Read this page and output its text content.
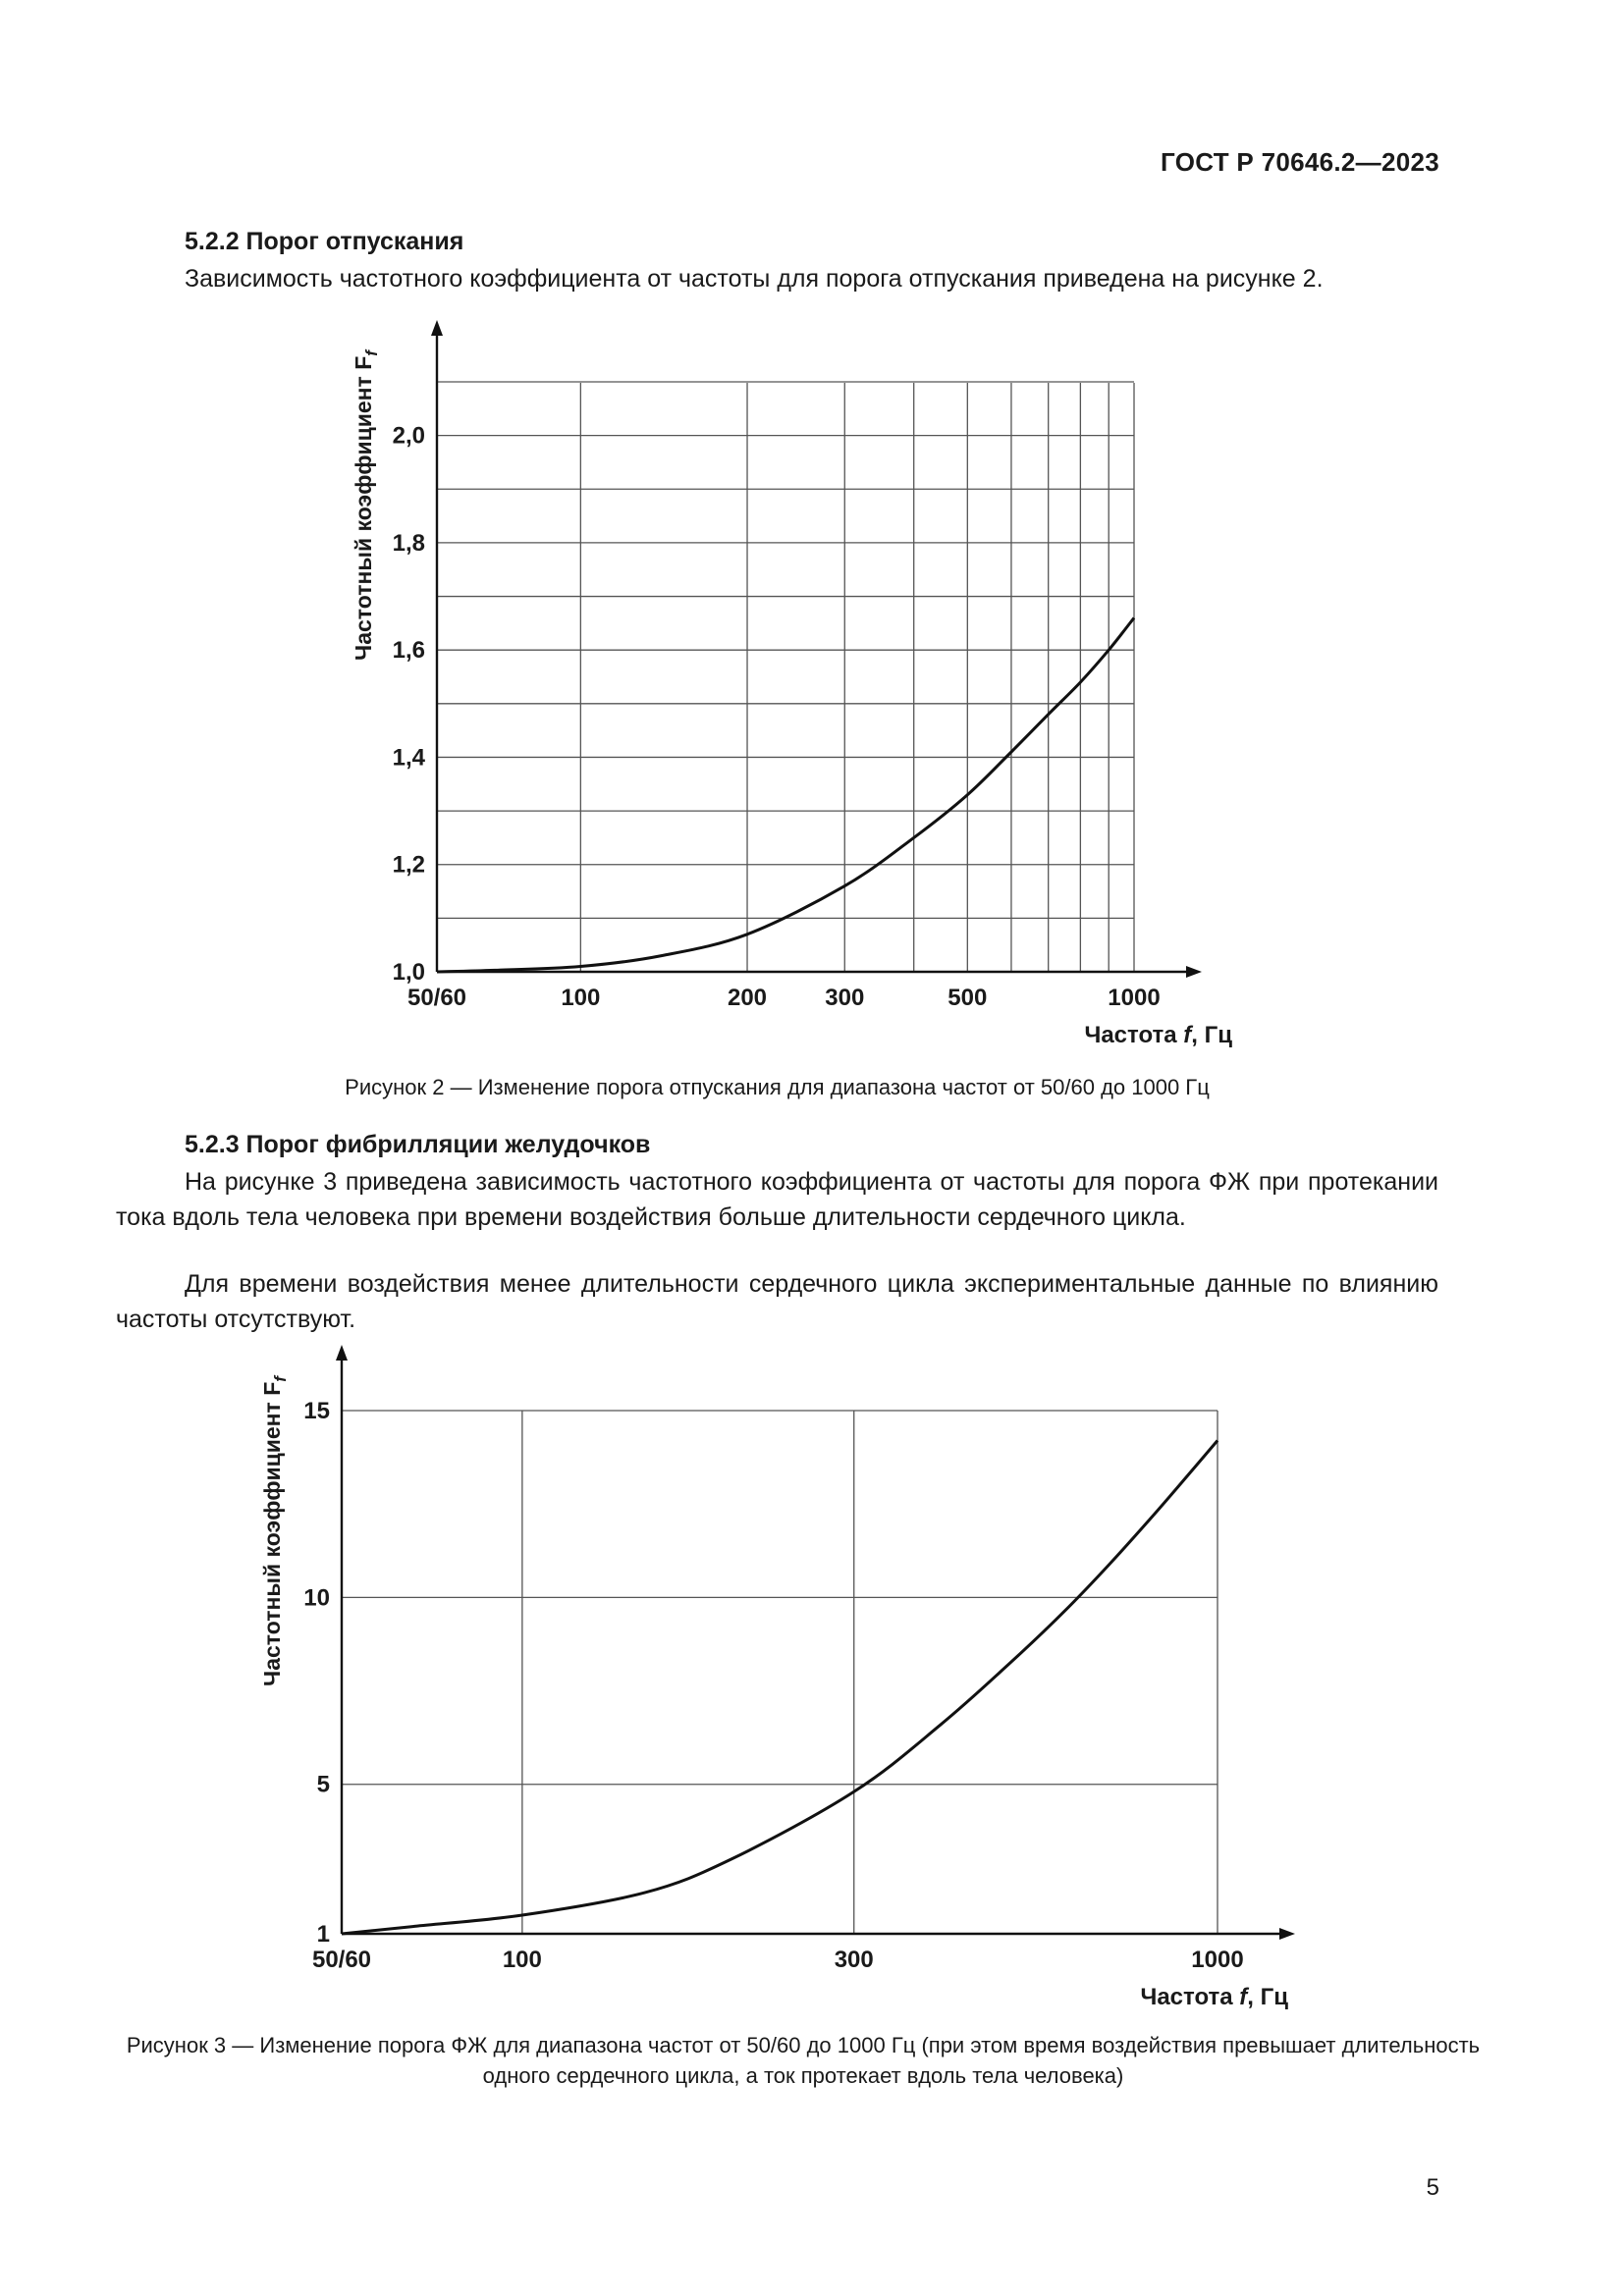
ГОСТ Р 70646.2—2023
5.2.2 Порог отпускания
Зависимость частотного коэффициента от частоты для порога отпускания приведена на рисунке 2.
50/60	100	200 300	500	1000
1,0
1,2
1,4
1,6
1,8
2,0
Частота f, Гц
Частотный коэффициент $F_f$
Рисунок 2 — Изменение порога отпускания для диапазона частот от 50/60 до 1000 Гц
5.2.3 Порог фибрилляции желудочков
На рисунке 3 приведена зависимость частотного коэффициента от частоты для порога ФЖ при протекании тока вдоль тела человека при времени воздействия больше длительности сердечного цикла.
Для времени воздействия менее длительности сердечного цикла экспериментальные данные по влиянию частоты отсутствуют.
50/60	100	300	1000
1
5
10
15
Частота f, Гц
Частотный коэффициент $F_f$
Рисунок 3 — Изменение порога ФЖ для диапазона частот от 50/60 до 1000 Гц (при этом время воздействия превышает длительность одного сердечного цикла, а ток протекает вдоль тела человека)
5
